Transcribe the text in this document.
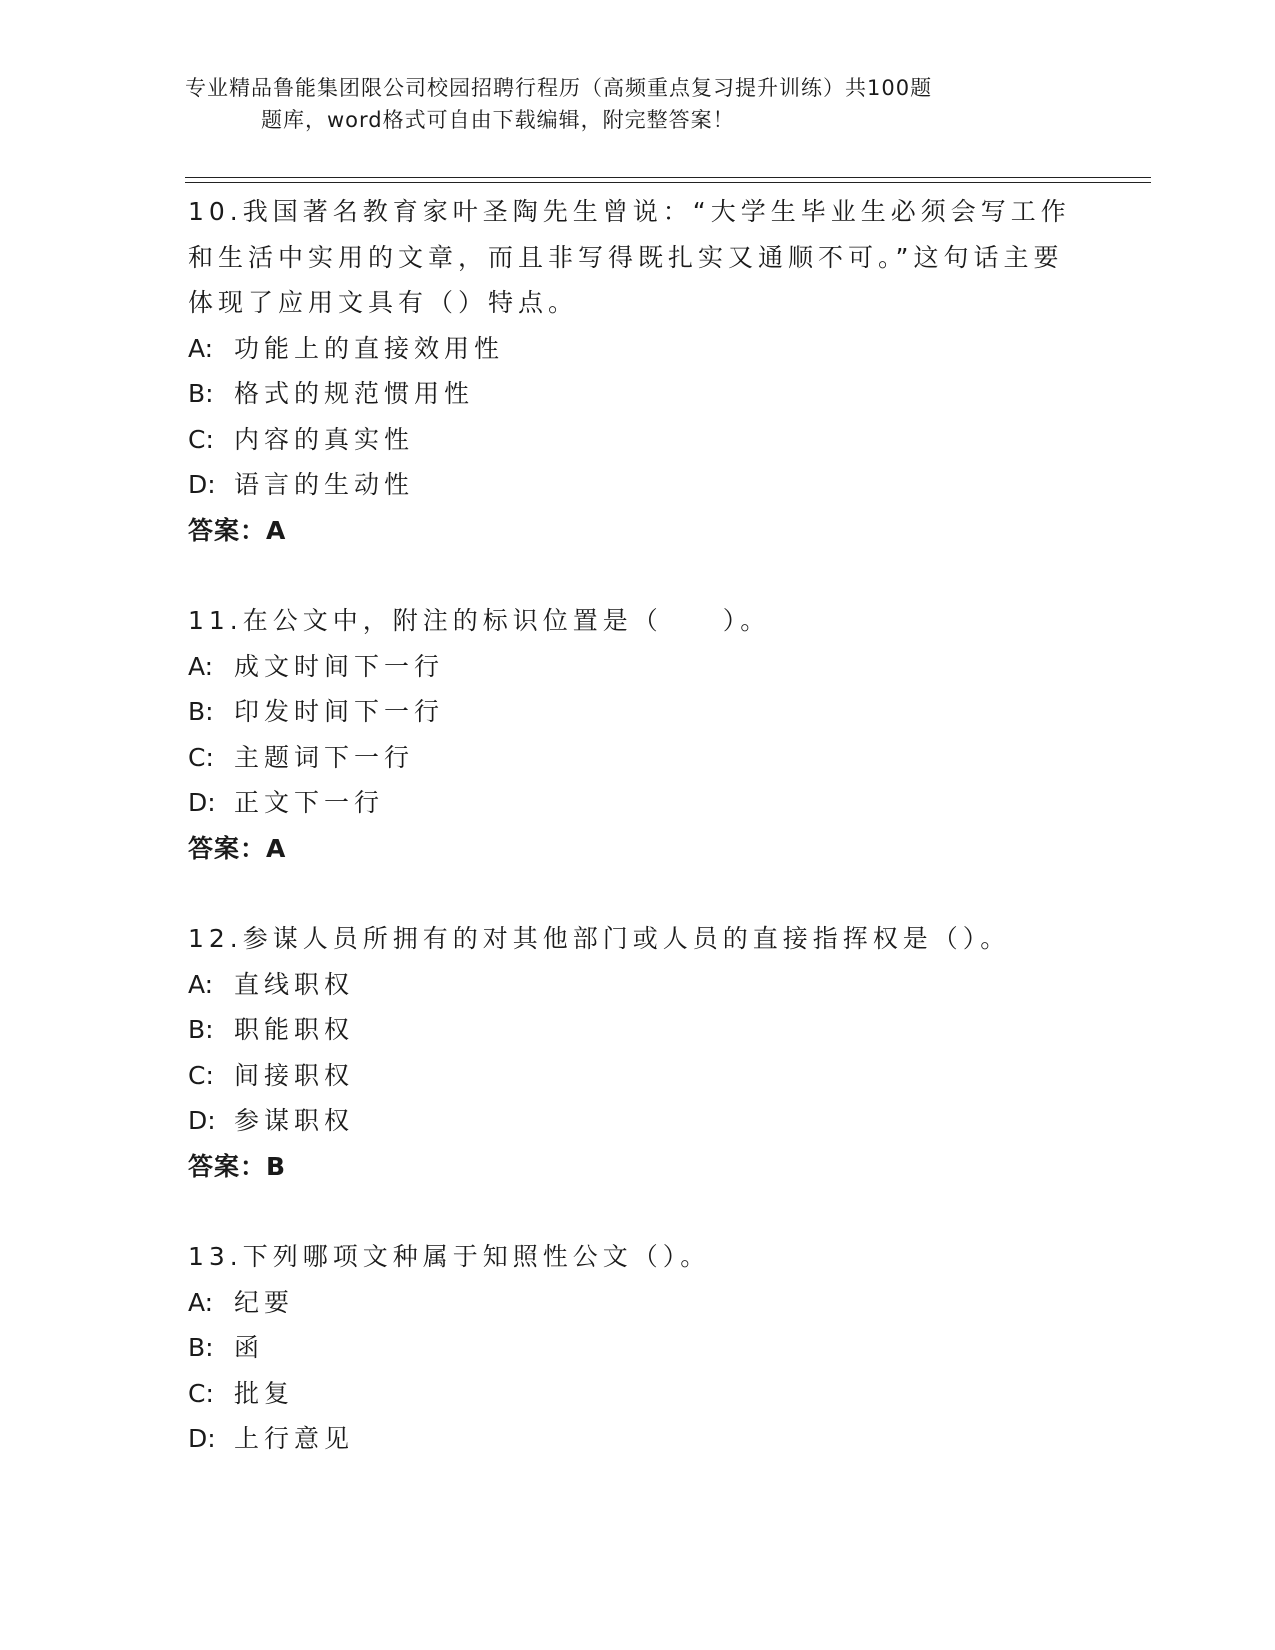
专业精品鲁能集团限公司校园招聘行程历（高频重点复习提升训练）共100题
题库，word格式可自由下载编辑，附完整答案！
10.我国著名教育家叶圣陶先生曾说：“大学生毕业生必须会写工作和生活中实用的文章，而且非写得既扎实又通顺不可。”这句话主要体现了应用文具有（）特点。
A: 功能上的直接效用性
B: 格式的规范惯用性
C: 内容的真实性
D: 语言的生动性
答案：A
11.在公文中，附注的标识位置是（　　）。
A: 成文时间下一行
B: 印发时间下一行
C: 主题词下一行
D: 正文下一行
答案：A
12.参谋人员所拥有的对其他部门或人员的直接指挥权是（）。
A: 直线职权
B: 职能职权
C: 间接职权
D: 参谋职权
答案：B
13.下列哪项文种属于知照性公文（）。
A: 纪要
B: 函
C: 批复
D: 上行意见
